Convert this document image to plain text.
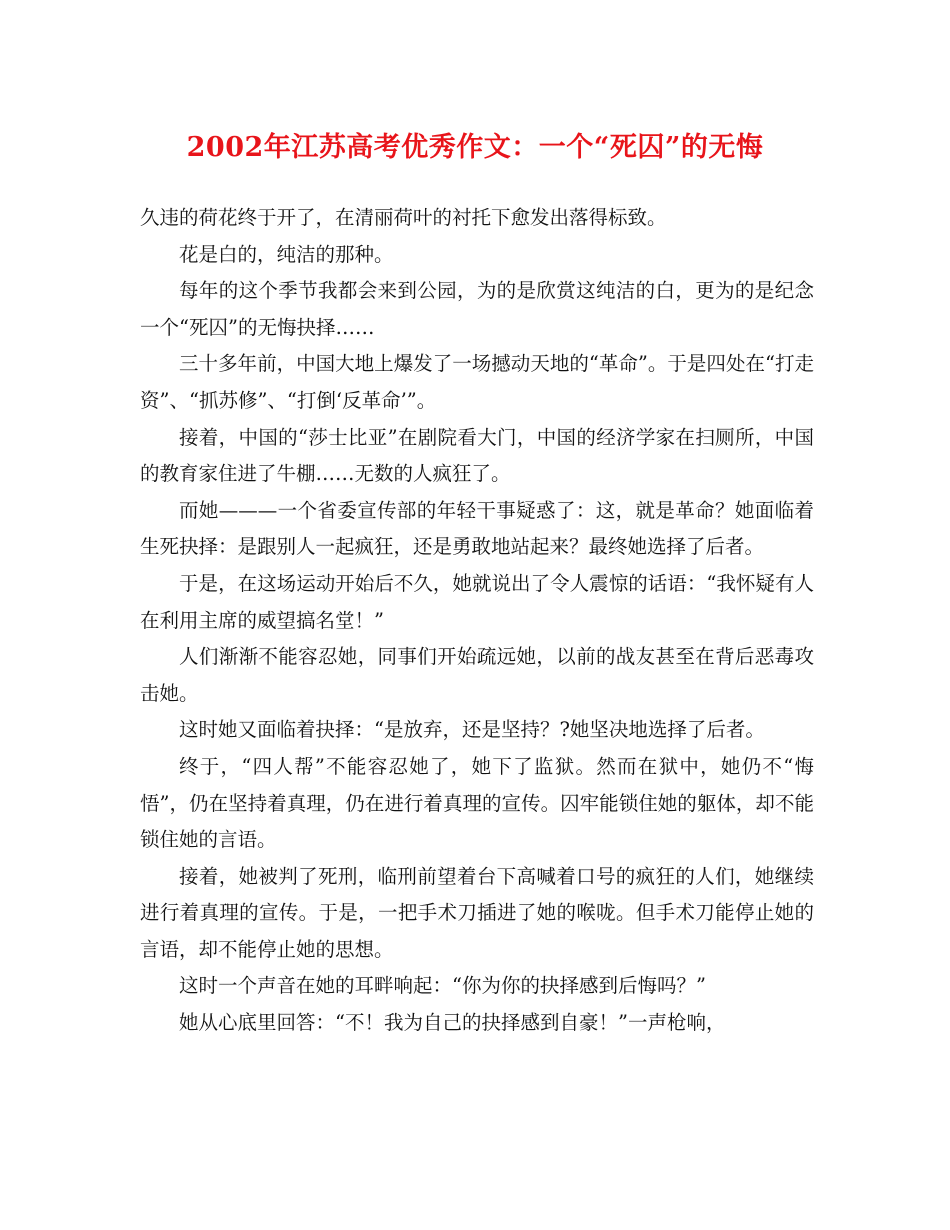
2002年江苏高考优秀作文：一个“死囚”的无悔

久违的荷花终于开了，在清丽荷叶的衬托下愈发出落得标致。

花是白的，纯洁的那种。

每年的这个季节我都会来到公园，为的是欣赏这纯洁的白，更为的是纪念一个“死囚”的无悔抉择……

三十多年前，中国大地上爆发了一场撼动天地的“革命”。于是四处在“打走资”、“抓苏修”、“打倒‘反革命’”。

接着，中国的“莎士比亚”在剧院看大门，中国的经济学家在扫厕所，中国的教育家住进了牛棚……无数的人疯狂了。

而她———一个省委宣传部的年轻干事疑惑了：这，就是革命？她面临着生死抉择：是跟别人一起疯狂，还是勇敢地站起来？最终她选择了后者。

于是，在这场运动开始后不久，她就说出了令人震惊的话语：“我怀疑有人在利用主席的威望搞名堂！”

人们渐渐不能容忍她，同事们开始疏远她，以前的战友甚至在背后恶毒攻击她。

这时她又面临着抉择：“是放弃，还是坚持？?她坚决地选择了后者。

终于，“四人帮”不能容忍她了，她下了监狱。然而在狱中，她仍不“悔悟”，仍在坚持着真理，仍在进行着真理的宣传。囚牢能锁住她的躯体，却不能锁住她的言语。

接着，她被判了死刑，临刑前望着台下高喊着口号的疯狂的人们，她继续进行着真理的宣传。于是，一把手术刀插进了她的喉咙。但手术刀能停止她的言语，却不能停止她的思想。

这时一个声音在她的耳畔响起：“你为你的抉择感到后悔吗？”

她从心底里回答：“不！我为自己的抉择感到自豪！”一声枪响，
